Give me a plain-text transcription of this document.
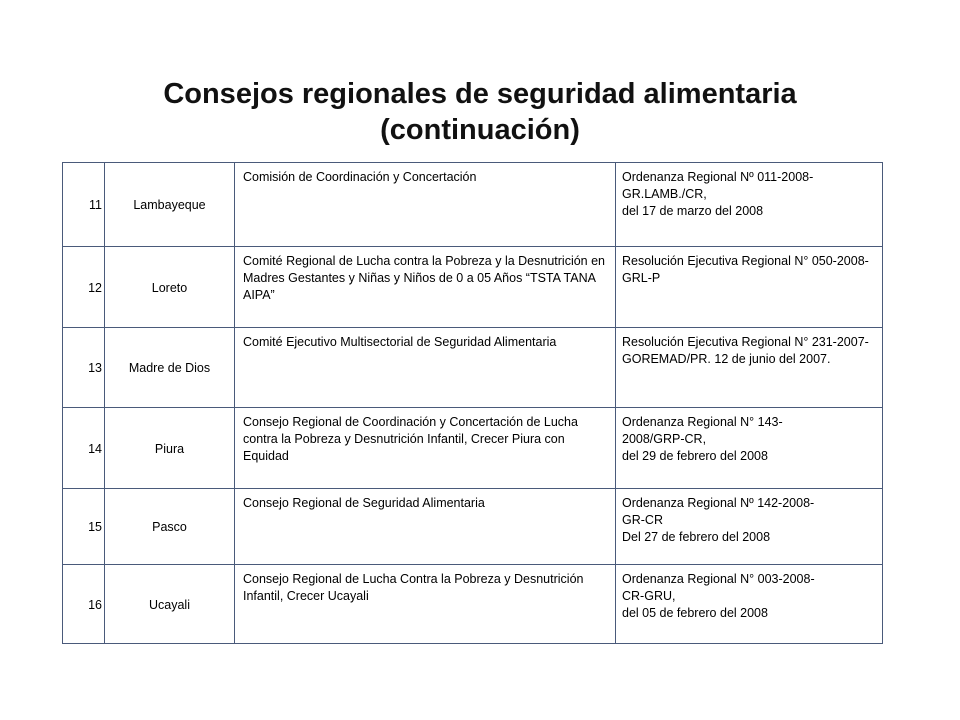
Consejos regionales de seguridad alimentaria
(continuación)
11	Lambayeque	Comisión de Coordinación y Concertación	Ordenanza Regional Nº 011-2008-
GR.LAMB./CR,
del 17 de marzo del 2008
12	Loreto	Comité Regional de Lucha contra la Pobreza y la Desnutrición en Madres Gestantes y Niñas y Niños de 0 a 05 Años “TSTA TANA AIPA”	Resolución Ejecutiva Regional N° 050-2008-GRL-P
13	Madre de Dios	Comité Ejecutivo Multisectorial de Seguridad Alimentaria	Resolución Ejecutiva Regional N° 231-2007-GOREMAD/PR. 12 de junio del 2007.
14	Piura	Consejo Regional de Coordinación y Concertación de Lucha contra la Pobreza y Desnutrición Infantil, Crecer Piura con Equidad	Ordenanza Regional N° 143-
2008/GRP-CR,
del 29 de febrero del 2008
15	Pasco	Consejo Regional de Seguridad Alimentaria	Ordenanza Regional Nº 142-2008-
GR-CR
Del 27 de febrero del 2008
16	Ucayali	Consejo Regional de Lucha Contra la Pobreza y Desnutrición Infantil, Crecer Ucayali	Ordenanza Regional N° 003-2008-
CR-GRU,
del 05 de febrero del 2008
